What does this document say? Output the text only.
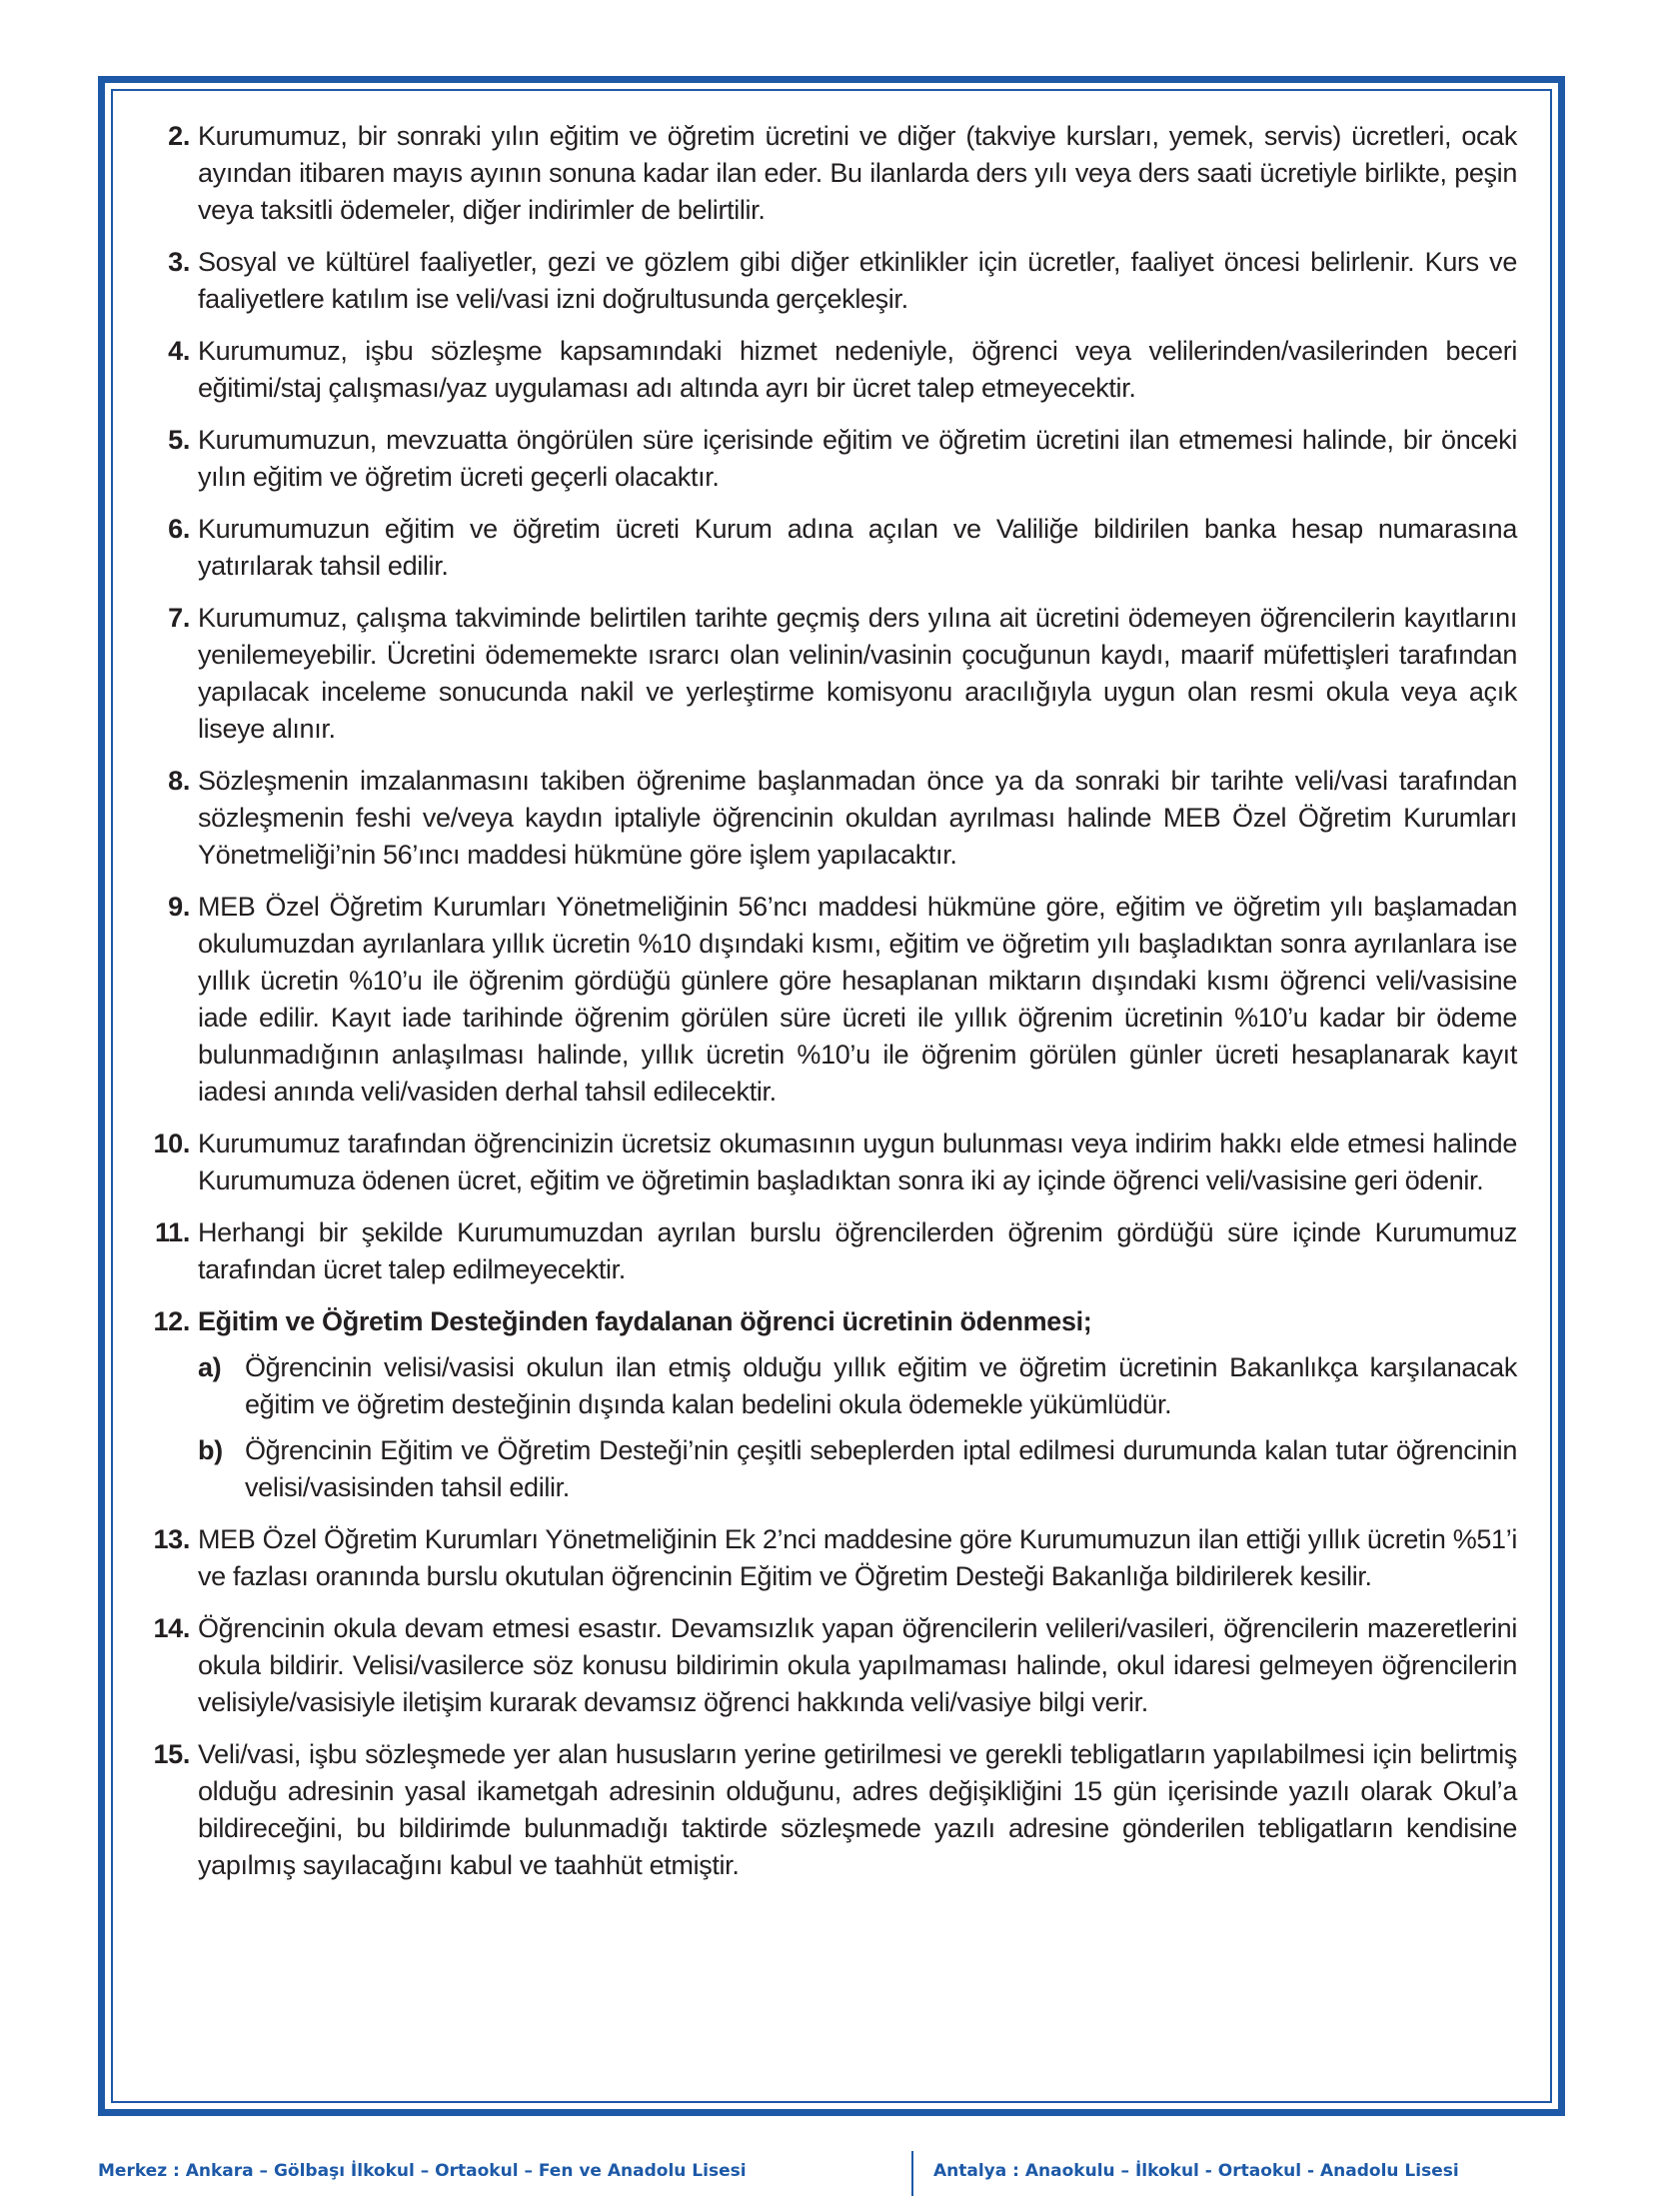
2. Kurumumuz, bir sonraki yılın eğitim ve öğretim ücretini ve diğer (takviye kursları, yemek, servis) ücretleri, ocak ayından itibaren mayıs ayının sonuna kadar ilan eder. Bu ilanlarda ders yılı veya ders saati ücretiyle birlikte, peşin veya taksitli ödemeler, diğer indirimler de belirtilir.
3. Sosyal ve kültürel faaliyetler, gezi ve gözlem gibi diğer etkinlikler için ücretler, faaliyet öncesi belirlenir. Kurs ve faaliyetlere katılım ise veli/vasi izni doğrultusunda gerçekleşir.
4. Kurumumuz, işbu sözleşme kapsamındaki hizmet nedeniyle, öğrenci veya velilerinden/vasilerinden beceri eğitimi/staj çalışması/yaz uygulaması adı altında ayrı bir ücret talep etmeyecektir.
5. Kurumumuzun, mevzuatta öngörülen süre içerisinde eğitim ve öğretim ücretini ilan etmemesi halinde, bir önceki yılın eğitim ve öğretim ücreti geçerli olacaktır.
6. Kurumumuzun eğitim ve öğretim ücreti Kurum adına açılan ve Valiliğe bildirilen banka hesap numarasına yatırılarak tahsil edilir.
7. Kurumumuz, çalışma takviminde belirtilen tarihte geçmiş ders yılına ait ücretini ödemeyen öğrencilerin kayıtlarını yenilemeyebilir. Ücretini ödememekte ısrarcı olan velinin/vasinin çocuğunun kaydı, maarif müfettişleri tarafından yapılacak inceleme sonucunda nakil ve yerleştirme komisyonu aracılığıyla uygun olan resmi okula veya açık liseye alınır.
8. Sözleşmenin imzalanmasını takiben öğrenime başlanmadan önce ya da sonraki bir tarihte veli/vasi tarafından sözleşmenin feshi ve/veya kaydın iptaliyle öğrencinin okuldan ayrılması halinde MEB Özel Öğretim Kurumları Yönetmeliği’nin 56’ıncı maddesi hükmüne göre işlem yapılacaktır.
9. MEB Özel Öğretim Kurumları Yönetmeliğinin 56’ncı maddesi hükmüne göre, eğitim ve öğretim yılı başlamadan okulumuzdan ayrılanlara yıllık ücretin %10 dışındaki kısmı, eğitim ve öğretim yılı başladıktan sonra ayrılanlara ise yıllık ücretin %10’u ile öğrenim gördüğü günlere göre hesaplanan miktarın dışındaki kısmı öğrenci veli/vasisine iade edilir. Kayıt iade tarihinde öğrenim görülen süre ücreti ile yıllık öğrenim ücretinin %10’u kadar bir ödeme bulunmadığının anlaşılması halinde, yıllık ücretin %10’u ile öğrenim görülen günler ücreti hesaplanarak kayıt iadesi anında veli/vasiden derhal tahsil edilecektir.
10. Kurumumuz tarafından öğrencinizin ücretsiz okumasının uygun bulunması veya indirim hakkı elde etmesi halinde Kurumumuza ödenen ücret, eğitim ve öğretimin başladıktan sonra iki ay içinde öğrenci veli/vasisine geri ödenir.
11. Herhangi bir şekilde Kurumumuzdan ayrılan burslu öğrencilerden öğrenim gördüğü süre içinde Kurumumuz tarafından ücret talep edilmeyecektir.
12. Eğitim ve Öğretim Desteğinden faydalanan öğrenci ücretinin ödenmesi;
a) Öğrencinin velisi/vasisi okulun ilan etmiş olduğu yıllık eğitim ve öğretim ücretinin Bakanlıkça karşılanacak eğitim ve öğretim desteğinin dışında kalan bedelini okula ödemekle yükümlüdür.
b) Öğrencinin Eğitim ve Öğretim Desteği’nin çeşitli sebeplerden iptal edilmesi durumunda kalan tutar öğrencinin velisi/vasisinden tahsil edilir.
13. MEB Özel Öğretim Kurumları Yönetmeliğinin Ek 2’nci maddesine göre Kurumumuzun ilan ettiği yıllık ücretin %51’i ve fazlası oranında burslu okutulan öğrencinin Eğitim ve Öğretim Desteği Bakanlığa bildirilerek kesilir.
14. Öğrencinin okula devam etmesi esastır. Devamsızlık yapan öğrencilerin velileri/vasileri, öğrencilerin mazeretlerini okula bildirir. Velisi/vasilerce söz konusu bildirimin okula yapılmaması halinde, okul idaresi gelmeyen öğrencilerin velisiyle/vasisiyle iletişim kurarak devamsız öğrenci hakkında veli/vasiye bilgi verir.
15. Veli/vasi, işbu sözleşmede yer alan hususların yerine getirilmesi ve gerekli tebligatların yapılabilmesi için belirtmiş olduğu adresinin yasal ikametgah adresinin olduğunu, adres değişikliğini 15 gün içerisinde yazılı olarak Okul’a bildireceğini, bu bildirimde bulunmadığı taktirde sözleşmede yazılı adresine gönderilen tebligatların kendisine yapılmış sayılacağını kabul ve taahhüt etmiştir.
Merkez : Ankara – Gölbaşı İlkokul – Ortaokul – Fen ve Anadolu Lisesi	Antalya : Anaokulu – İlkokul - Ortaokul - Anadolu Lisesi
